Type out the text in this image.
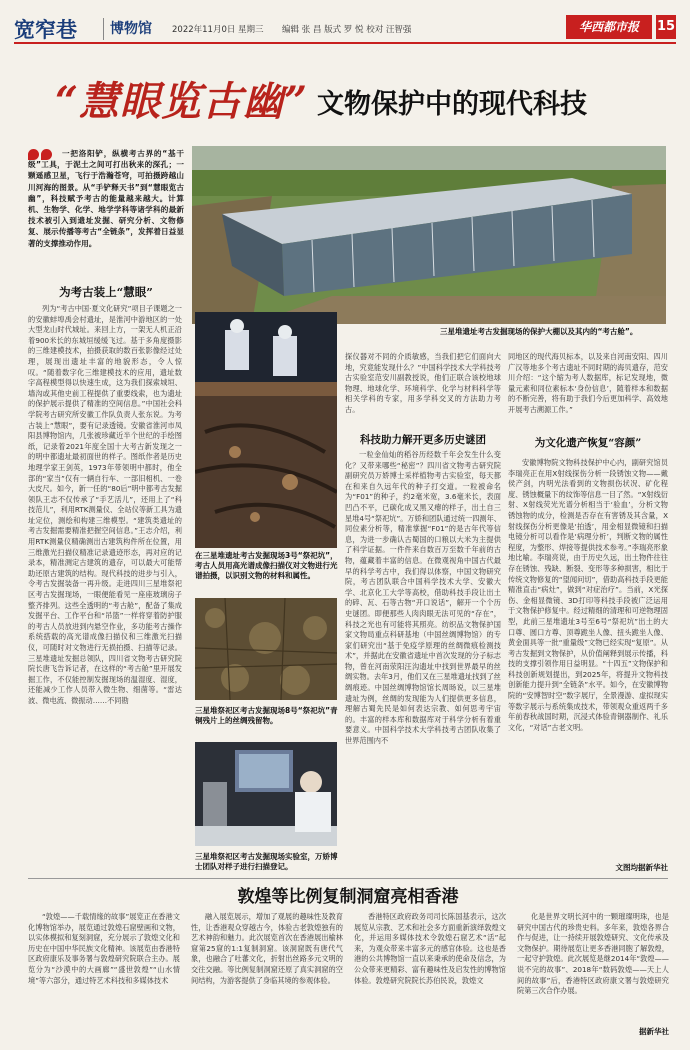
宽窄巷 博物馆 2022年11月0日 星期三 编辑 张 昌 版式 罗 悦 校对 汪智强	华西都市报	15
“慧眼览古幽” 文物保护中的现代科技
一把洛阳铲，纵横考古界的“基干级”工具，于泥土之间可打出秋来的深孔；一颗遥感卫星，飞行于浩瀚苍穹，可拍摄跨越山川河海的图景。从“手铲释天书”到“慧眼览古幽”，科技赋予考古的能量越来越大。计算机、生物学、化学、地学学科等诸学科的最新技术被引入到遗址发掘、研究分析、文物修复、展示传播等考古“全链条”，发挥着日益显著的支撑推动作用。
三星堆遗址考古发掘现场的保护大棚以及其内的“考古舱”。
为考古装上“慧眼”
列为“考古中国·夏文化研究”项目子课题之一的安徽蚌埠禹会村遗址，是淮河中游地区的一处大型龙山时代城址。来回上方，一架无人机正沿着900米长的东城垣缓缓飞过。基于多角度摄影的三维建模技术，拍摄获取的数百张影像经过处理，展现出遗址丰富的地貌形态，令人惊叹。“随着数字化三维建模技术的应用，遗址数字高程模型得以快速生成，这为我们探索城垣、墙沟或其他史前工程提供了重要线索，也为遗址的保护展示提供了精准的空间信息。”中国社会科学院考古研究所安徽工作队负责人张东说。为考古装上“慧眼”，要有记录透镜。安徽省淮河市凤阳县博物馆内，几张被珍藏近半个世纪的手绘图纸，记录着2021年度全国十大考古新发现之一的明中都遗址最初面世的样子。图纸作者是历史地理学家王剑英，1973年带领明中都时，他全部的“家当”仅有一辆自行车、一部旧相机、一卷大皮尺。如今，新一任的“80后”明中都考古发掘领队王志不仅传承了“手艺活儿”，还用上了“科技范儿”，利用RTK测量仪、全站仪等新工具为遗址定位，测绘和构建三维模型。“建筑类遗址的考古发掘需要精准把握空间信息。”王志介绍，利用RTK测量仪精确测出古建筑构件所在位置，用三维激光扫描仪精准记录遗迹形态，再对应的记录本，精准测定古建筑的遗存，可以最大可能帮助还原古建筑的结构。现代科技的进步与引入，令考古发掘装备一再升级。走进四川三星堆祭祀区考古发掘现场，一眼便能看见一座座玻璃房子整齐排列。这些全透明的“考古舱”，配备了集成发掘平台、工作平台和“吊篮”一样将穿着防护服的考古人员放进到内悬空作业，多功能考古操作系统搭载的高光谱成像扫描仪和三维激光扫描仪，可随时对文物进行无损拍摄、扫描等记录。三星堆遗址发掘总领队，四川省文物考古研究院院长唐飞告诉记者，在这样的“考古舱”里开展发掘工作，不仅能控制发掘现场的温湿度、湿度，还能减少工作人员带入微生物、细菌等。“雷达波、微电流、微振动……不同勘
在三星堆遗址考古发掘现场3号“祭祀坑”，考古人员用高光谱成像扫描仪对文物进行光谱拍摄，以识别文物的材料和属性。
三星堆祭祀区考古发掘现场8号“祭祀坑”青铜残片上的丝绸残留物。
三星堆祭祀区考古发掘现场实验室，万娇博士团队对样子进行扫描登记。
探仪器对不同的介质敏感，当我们把它们面向大地，究竟能发现什么？”中国科学技术大学科技考古实验室范安川副教授说，他们正联合该校地球物理、地球化学、环境科学、化学与材料科学等相关学科的专家，用多学科交叉的方法助力考古。
科技助力解开更多历史谜团
一粒金仙灿的稻谷历经数千年会发生什么变化？又带来哪些“秘密”？四川省文物考古研究院副研究员万娇博士采样植物考古实验室，每天都在和来自久远年代的种子打交道。一粒被命名为“F01”的种子，约2毫米宽，3.6毫米长，表面凹凸不平，已碳化成又黑又瘪的样子，出土自三星堆4号“祭祀坑”。万娇和团队通过统一四测年、同位素分析等，精准掌握“F01”的是古年代等信息，为进一步确认古蜀国的口粮以大米为主提供了科学证据。一件件来自数百万至数千年前的古物，蕴藏着丰富的信息。在微观视角中国古代最早的科学考古中，我们得以体察，中国文物研究院，考古团队联合中国科学技术大学、安徽大学、北京化工大学等高校，借助科技手段让出土的碎、瓦、石等古物“开口说话”，解开一个个历史谜团。即便那些人肉肉眼无法可见的“存在”，科技之光也有可能将其照亮。纺织品文物保护国家文物局重点科研基地（中国丝绸博物馆）的专家们研究出“基于免疫学原理的丝绸微痕检测技术”，并据此在安徽省遗址中首次发现的分子标志物，曾在河南荥阳汪沟遗址中找到世界最早的丝绸实物。去年3月，他们又在三星堆遗址找到了丝绸痕迹。中国丝绸博物馆馆长周旸说，以三星堆遗址为例，丝绸的发现能为人们提供更多信息，理解古蜀先民是如何表达宗教、如何思考宇宙的。丰富的样本库和数据库对于科学分析有着重要意义。中国科学技术大学科技考古团队收集了世界范围内不
同地区的现代海贝标本，以及来自河南安阳、四川广汉等地多个考古遗址不同时期的海贝遗存，范安川介绍：“这个缩为考人数据库，标记发现地，微量元素和同位素标本‘身份信息’，随着样本和数据的不断完善，将有助于我们今后更加科学、高效地开展考古溯源工作。”
为文化遗产恢复“容颜”
安徽博物院文物科技保护中心内，副研究馆员李瑞亮正在用X射线探伤分析一段锈蚀文物——戴侯产剑，内明光法看到的文物损伤状况、矿化程度、锈蚀概量下的纹饰等信息一目了然。“X射线衍射、X射线荧光光谱分析相当于‘验血’，分析文物锈蚀物的成分，检测是否存在有害锈及其含量，X射线探伤分析更像是‘拍透’，用金相显微镜和扫描电镜分析可以看作是‘病理分析’，判断文物的属性程度，为整形、焊接等提供技术参考。”李瑞亮形象地比喻。李瑞亮说，由于历史久远，出土物件往往存在锈蚀、残缺、断裂、变形等多种损害，相比于传统文物修复的“望闻问切”，借助高科技手段更能精准直击“病灶”，做到“对症治疗”。当前，X光探伤、金相显微镜、3D打印等科技手段被广泛运用于文物保护修复中。经过精细的清理和可逆物理固型，此前三星堆遗址3号至6号“祭祀坑”出土的大口尊、圆口方尊、顶尊跪坐人像、扭头跪坐人像、黄金面具等一批“重量级”文物已经实现“复原”。从考古发掘到文物保护，从价值阐释到展示传播，科技的支撑引领作用日益明显。“十四五”文物保护和科技创新规划提出，到2025年，将提升文物科技创新能力提升到“全链条”水平。如今，在安徽博物院的“安博智时空”数字展厅，全景漫游、虚拟现实等数字展示与系统集成技术，带领观众重返两千多年前春秋战国时期，沉浸式体验青铜器制作、礼乐文化，“对话”古老文明。
文图均据新华社
敦煌等比例复制洞窟亮相香港
“敦煌——千载情缘的故事”展览正在香港文化博物馆举办，展览通过敦煌石窟壁画和文物，以实体模拟和复刻洞窟，充分展示了敦煌文化和历史在中国中华民族文化精神。该展览由香港特区政府康乐及事务署与敦煌研究院联合主办。展览分为“沙漠中的大画廊”“盛世敦煌”“山水情境”等六部分，通过特艺术科技和多媒体技术
融入展览展示，增加了观展的趣味性及教育性，让香港观众穿越古今，体验古老敦煌独有的艺术神韵和魅力。此次展览首次在香港展出榆林窟第25窟的1:1复制洞窟。该洞窟既有唐代气象，也融合了吐蕃文化，折射出丝路多元文明的交往交融。等比例复制洞窟还原了真实洞窟的空间结构，为游客提供了身临其境的参观体验。
香港特区政府政务司司长陈国基表示，这次展览从宗教、艺术和社会多方面重新演绎敦煌文化，并运用多媒体技术令敦煌石窟艺术“活”起来，为观众带来丰富多元的感官体验。这也是香港的公共博物馆一直以来秉承的使命及信念，为公众带来更精彩、富有趣味性及启发性的博物馆体验。敦煌研究院院长苏伯民说，敦煌文
化是世界文明长河中的一颗璀璨明珠，也是研究中国古代的珍贵史料。多年来，敦煌各界合作与促进，让一持续开展敦煌研究、文化传承及文物保护。期待展览让更多香港同胞了解敦煌，一起守护敦煌。此次展览是继2014年“敦煌——说不完的故事”、2018年“数码敦煌——天上人间的故事”后，香港特区政府康文署与敦煌研究院第三次合作办展。
据新华社
